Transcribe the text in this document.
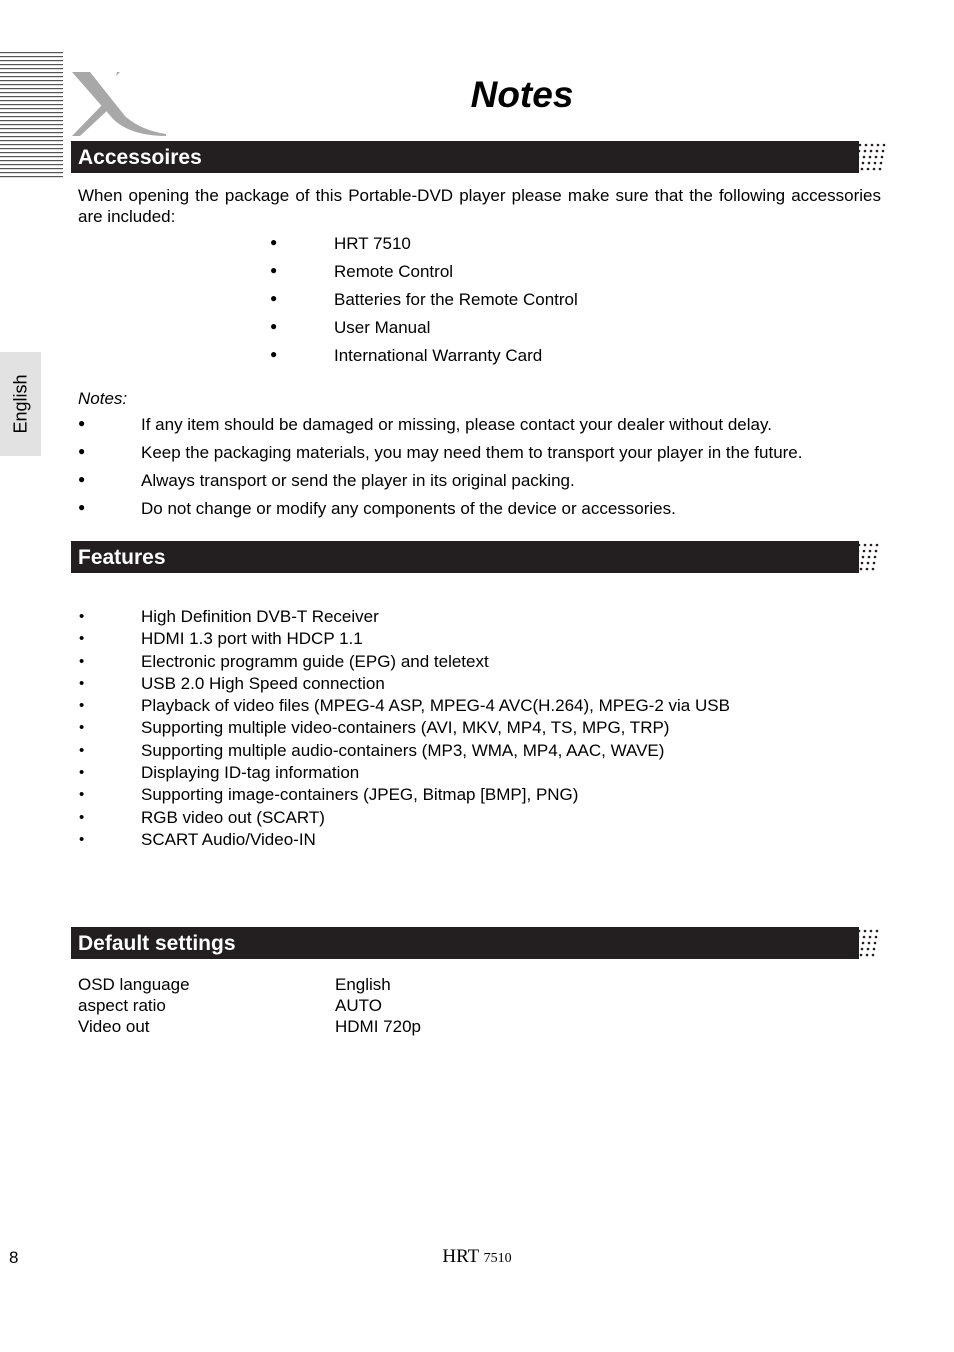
English
Notes
Accessoires
When opening the package of this Portable-DVD player please make sure that the following accessories are included:
● HRT 7510
● Remote Control
● Batteries for the Remote Control
● User Manual
● International Warranty Card
Notes:
● If any item should be damaged or missing, please contact your dealer without delay.
● Keep the packaging materials, you may need them to transport your player in the future.
● Always transport or send the player in its original packing.
● Do not change or modify any components of the device or accessories.
Features
• High Definition DVB-T Receiver
• HDMI 1.3 port with HDCP 1.1
• Electronic programm guide (EPG) and teletext
• USB 2.0 High Speed connection
• Playback of video files (MPEG-4 ASP, MPEG-4 AVC(H.264), MPEG-2 via USB
• Supporting multiple video-containers (AVI, MKV, MP4, TS, MPG, TRP)
• Supporting multiple audio-containers (MP3, WMA, MP4, AAC, WAVE)
• Displaying ID-tag information
• Supporting image-containers (JPEG, Bitmap [BMP], PNG)
• RGB video out (SCART)
• SCART Audio/Video-IN
Default settings
OSD language	English
aspect ratio	AUTO
Video out	HDMI 720p
8	HRT 7510
